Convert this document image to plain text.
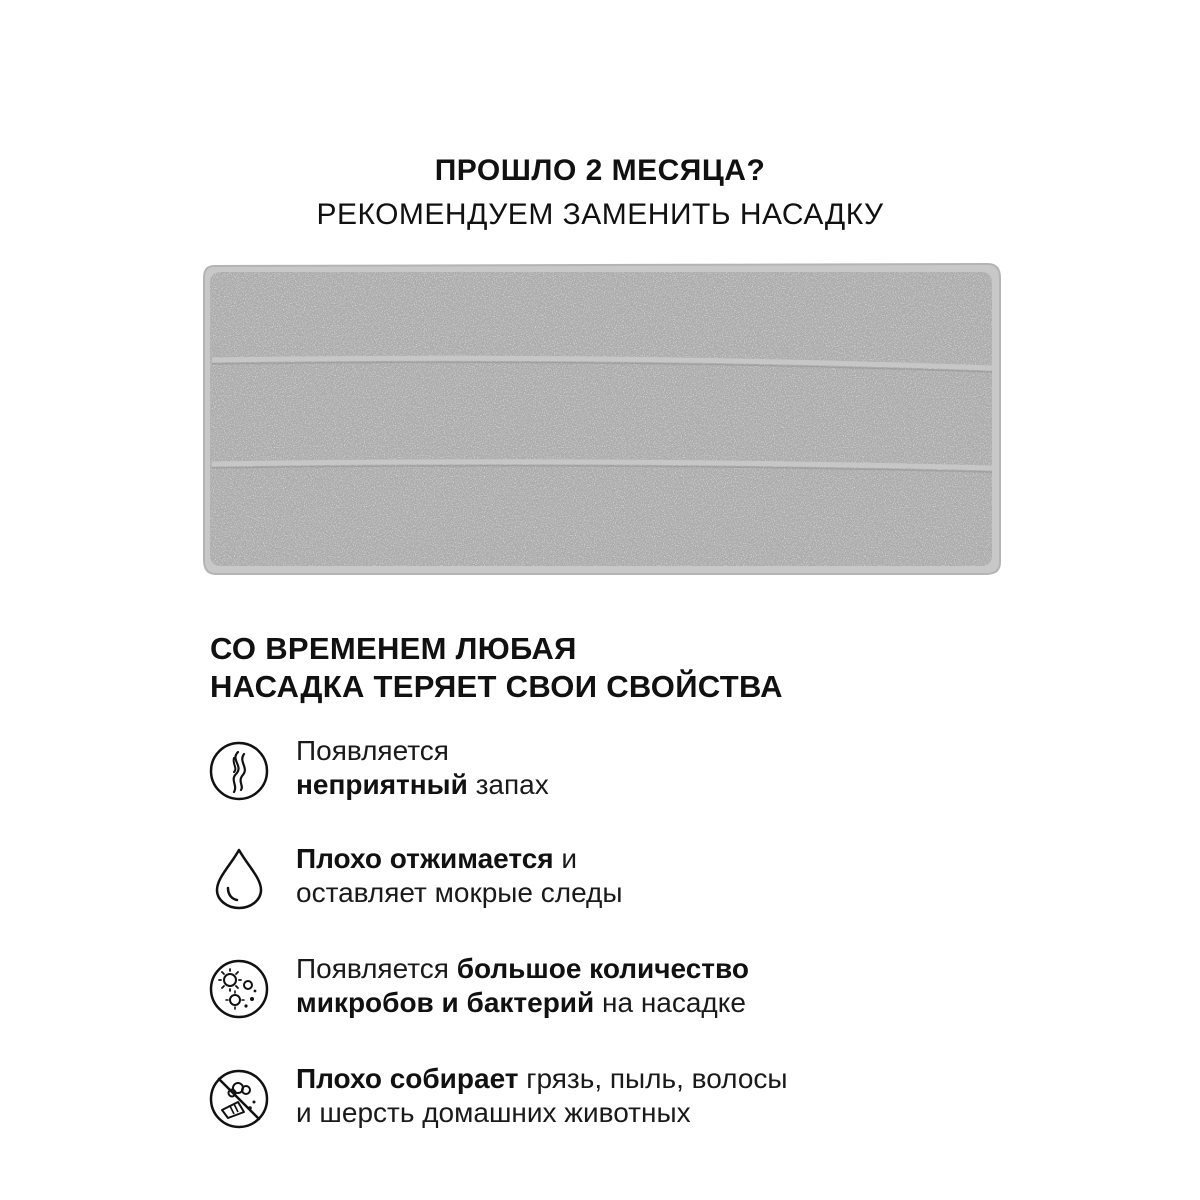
ПРОШЛО 2 МЕСЯЦА?
РЕКОМЕНДУЕМ ЗАМЕНИТЬ НАСАДКУ
СО ВРЕМЕНЕМ ЛЮБАЯ
НАСАДКА ТЕРЯЕТ СВОИ СВОЙСТВА
Появляется
неприятный запах
Плохо отжимается и
оставляет мокрые следы
Появляется большое количество
микробов и бактерий на насадке
Плохо собирает грязь, пыль, волосы
и шерсть домашних животных
